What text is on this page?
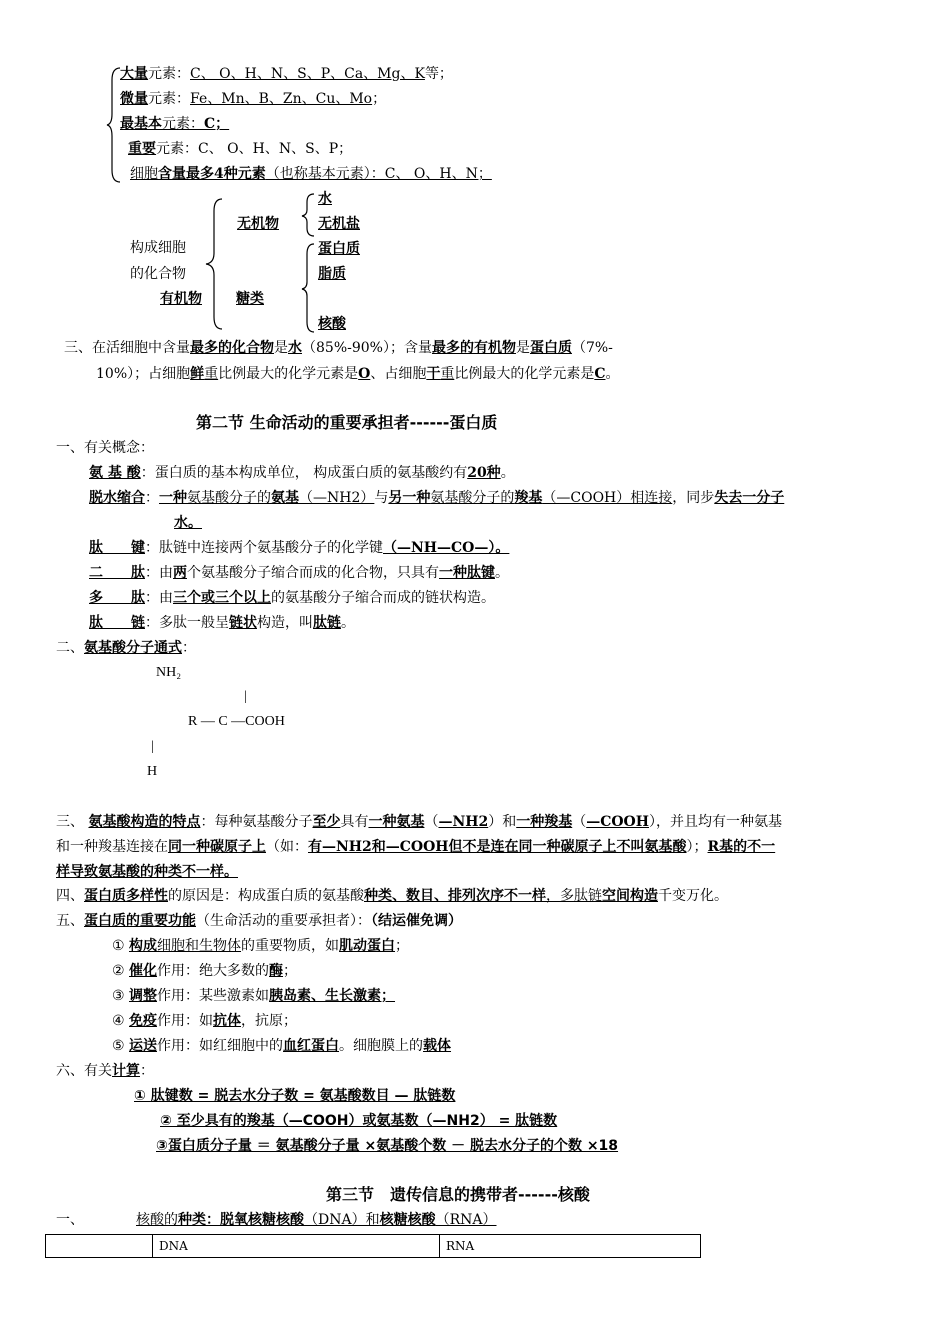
大量元素：C、 O、H、N、S、P、Ca、Mg、K等；
微量元素：Fe、Mn、B、Zn、Cu、Mo；
最基本元素：C；
重要元素：C、 O、H、N、S、P；
细胞含量最多4种元素（也称基本元素）：C、 O、H、N；
构成细胞
的化合物
无机物
水
无机盐
有机物 糖类
蛋白质
脂质
核酸
三、在活细胞中含量最多的化合物是水（85%-90%）；含量最多的有机物是蛋白质（7%-
10%）；占细胞鲜重比例最大的化学元素是O、占细胞干重比例最大的化学元素是C。
第二节 生命活动的重要承担者------蛋白质
一、有关概念：
氨 基 酸：蛋白质的基本构成单位， 构成蛋白质的氨基酸约有20种。
脱水缩合：一种氨基酸分子的氨基（—NH2）与另一种氨基酸分子的羧基（—COOH）相连接，同步失去一分子
水。
肽　　键：肽链中连接两个氨基酸分子的化学键（—NH—CO—）。
二　　肽：由两个氨基酸分子缩合而成的化合物，只具有一种肽键。
多　　肽：由三个或三个以上的氨基酸分子缩合而成的链状构造。
肽　　链：多肽一般呈链状构造，叫肽链。
二、氨基酸分子通式：
NH₂
|
R — C —COOH
|
H
三、 氨基酸构造的特点：每种氨基酸分子至少具有一种氨基（—NH2）和一种羧基（—COOH），并且均有一种氨基
和一种羧基连接在同一种碳原子上（如：有—NH2和—COOH但不是连在同一种碳原子上不叫氨基酸）；R基的不一
样导致氨基酸的种类不一样。
四、蛋白质多样性的原因是：构成蛋白质的氨基酸种类、数目、排列次序不一样，多肽链空间构造千变万化。
五、蛋白质的重要功能（生命活动的重要承担者）：（结运催免调）
① 构成细胞和生物体的重要物质，如肌动蛋白；
② 催化作用：绝大多数的酶；
③ 调整作用：某些激素如胰岛素、生长激素；
④ 免疫作用：如抗体，抗原；
⑤ 运送作用：如红细胞中的血红蛋白。细胞膜上的载体
六、有关计算：
① 肽键数 = 脱去水分子数 = 氨基酸数目 — 肽链数
② 至少具有的羧基（—COOH）或氨基数（—NH2） = 肽链数
③蛋白质分子量 ＝ 氨基酸分子量 ×氨基酸个数 － 脱去水分子的个数 ×18
第三节　遗传信息的携带者------核酸
一、	核酸的种类：脱氧核糖核酸（DNA）和核糖核酸（RNA）
	DNA	RNA
